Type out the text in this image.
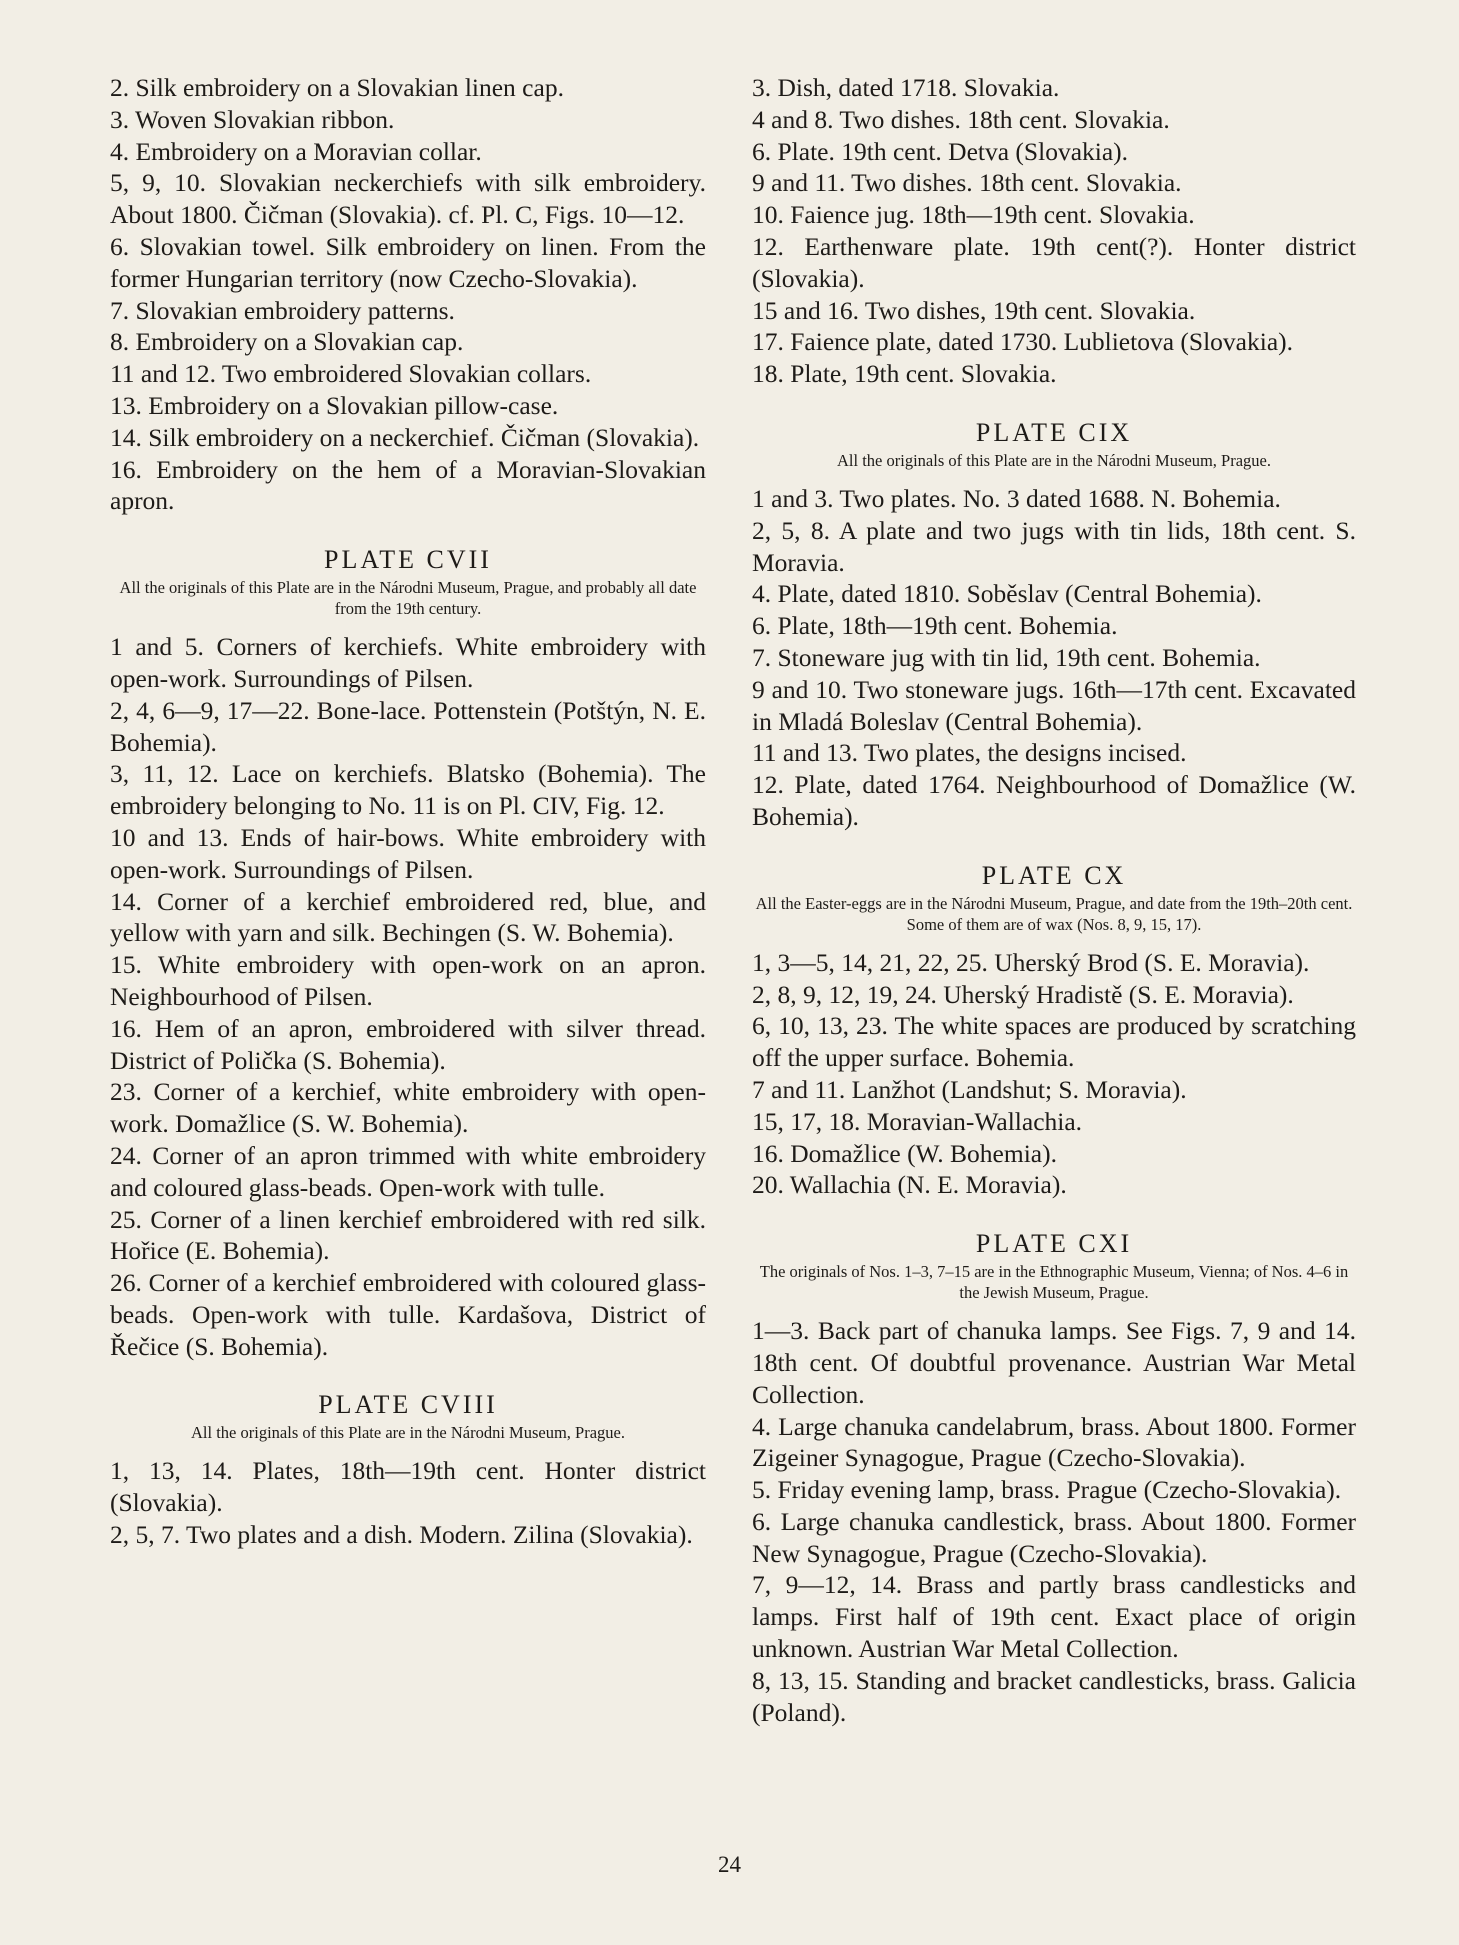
2. Silk embroidery on a Slovakian linen cap.

3. Woven Slovakian ribbon.

4. Embroidery on a Moravian collar.

5, 9, 10. Slovakian neckerchiefs with silk embroidery. About 1800. Čičman (Slovakia). cf. Pl. C, Figs. 10—12.

6. Slovakian towel. Silk embroidery on linen. From the former Hungarian territory (now Czecho-Slovakia).

7. Slovakian embroidery patterns.

8. Embroidery on a Slovakian cap.

11 and 12. Two embroidered Slovakian collars.

13. Embroidery on a Slovakian pillow-case.

14. Silk embroidery on a neckerchief. Čičman (Slovakia).

16. Embroidery on the hem of a Moravian-Slovakian apron.

PLATE CVII

All the originals of this Plate are in the Národni Museum, Prague, and probably all date from the 19th century.

1 and 5. Corners of kerchiefs. White embroidery with open-work. Surroundings of Pilsen.

2, 4, 6—9, 17—22. Bone-lace. Pottenstein (Potštýn, N. E. Bohemia).

3, 11, 12. Lace on kerchiefs. Blatsko (Bohemia). The embroidery belonging to No. 11 is on Pl. CIV, Fig. 12.

10 and 13. Ends of hair-bows. White embroidery with open-work. Surroundings of Pilsen.

14. Corner of a kerchief embroidered red, blue, and yellow with yarn and silk. Bechingen (S. W. Bohemia).

15. White embroidery with open-work on an apron. Neighbourhood of Pilsen.

16. Hem of an apron, embroidered with silver thread. District of Polička (S. Bohemia).

23. Corner of a kerchief, white embroidery with open-work. Domažlice (S. W. Bohemia).

24. Corner of an apron trimmed with white embroidery and coloured glass-beads. Open-work with tulle.

25. Corner of a linen kerchief embroidered with red silk. Hořice (E. Bohemia).

26. Corner of a kerchief embroidered with coloured glass-beads. Open-work with tulle. Kardašova, District of Řečice (S. Bohemia).

PLATE CVIII

All the originals of this Plate are in the Národni Museum, Prague.

1, 13, 14. Plates, 18th—19th cent. Honter district (Slovakia).

2, 5, 7. Two plates and a dish. Modern. Zilina (Slovakia).

3. Dish, dated 1718. Slovakia.

4 and 8. Two dishes. 18th cent. Slovakia.

6. Plate. 19th cent. Detva (Slovakia).

9 and 11. Two dishes. 18th cent. Slovakia.

10. Faience jug. 18th—19th cent. Slovakia.

12. Earthenware plate. 19th cent(?). Honter district (Slovakia).

15 and 16. Two dishes, 19th cent. Slovakia.

17. Faience plate, dated 1730. Lublietova (Slovakia).

18. Plate, 19th cent. Slovakia.

PLATE CIX

All the originals of this Plate are in the Národni Museum, Prague.

1 and 3. Two plates. No. 3 dated 1688. N. Bohemia.

2, 5, 8. A plate and two jugs with tin lids, 18th cent. S. Moravia.

4. Plate, dated 1810. Soběslav (Central Bohemia).

6. Plate, 18th—19th cent. Bohemia.

7. Stoneware jug with tin lid, 19th cent. Bohemia.

9 and 10. Two stoneware jugs. 16th—17th cent. Excavated in Mladá Boleslav (Central Bohemia).

11 and 13. Two plates, the designs incised.

12. Plate, dated 1764. Neighbourhood of Domažlice (W. Bohemia).

PLATE CX

All the Easter-eggs are in the Národni Museum, Prague, and date from the 19th–20th cent. Some of them are of wax (Nos. 8, 9, 15, 17).

1, 3—5, 14, 21, 22, 25. Uherský Brod (S. E. Moravia).

2, 8, 9, 12, 19, 24. Uherský Hradistě (S. E. Moravia).

6, 10, 13, 23. The white spaces are produced by scratching off the upper surface. Bohemia.

7 and 11. Lanžhot (Landshut; S. Moravia).

15, 17, 18. Moravian-Wallachia.

16. Domažlice (W. Bohemia).

20. Wallachia (N. E. Moravia).

PLATE CXI

The originals of Nos. 1–3, 7–15 are in the Ethnographic Museum, Vienna; of Nos. 4–6 in the Jewish Museum, Prague.

1—3. Back part of chanuka lamps. See Figs. 7, 9 and 14. 18th cent. Of doubtful provenance. Austrian War Metal Collection.

4. Large chanuka candelabrum, brass. About 1800. Former Zigeiner Synagogue, Prague (Czecho-Slovakia).

5. Friday evening lamp, brass. Prague (Czecho-Slovakia).

6. Large chanuka candlestick, brass. About 1800. Former New Synagogue, Prague (Czecho-Slovakia).

7, 9—12, 14. Brass and partly brass candlesticks and lamps. First half of 19th cent. Exact place of origin unknown. Austrian War Metal Collection.

8, 13, 15. Standing and bracket candlesticks, brass. Galicia (Poland).

24
